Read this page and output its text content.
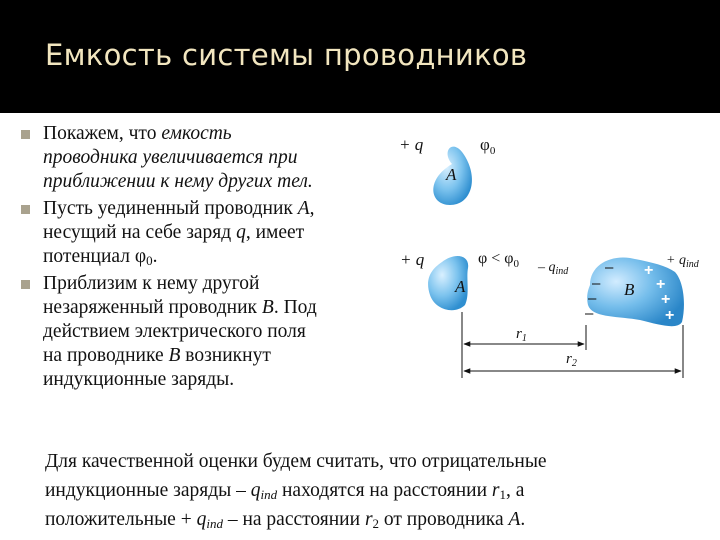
Емкость системы проводников
Покажем, что емкость
проводника увеличивается при
приближении к нему других тел.
Пусть уединенный проводник А,
несущий на себе заряд q, имеет
потенциал $\varphi_0$.
Приблизим к нему другой
незаряженный проводник В. Под
действием электрического поля
на проводнике В возникнут
индукционные заряды.
Для качественной оценки будем считать, что отрицательные
индукционные заряды – $q_{ind}$ находятся на расстоянии $r_1$, а
положительные + $q_{ind}$ – на расстоянии $r_2$ от проводника А.
+ q	$\varphi_0$
A
+ q	$\varphi < \varphi_0$
A	B
–
–
–
–
+
+
+
+
– $q_{ind}$
+ $q_{ind}$
$r_1$
$r_2$
